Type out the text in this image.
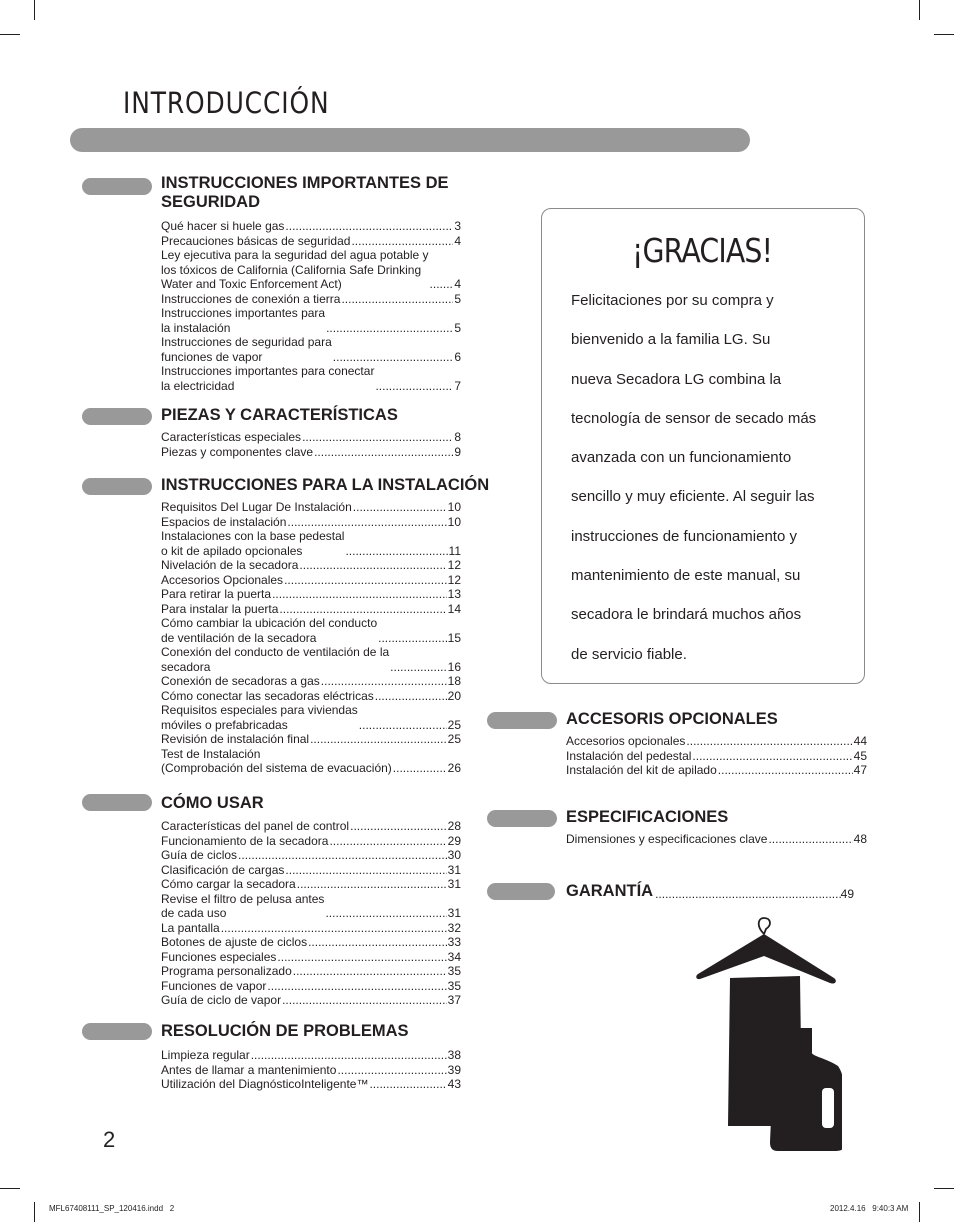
INTRODUCCIÓN
INSTRUCCIONES IMPORTANTES DE SEGURIDAD
Qué hacer si huele gas .....	3
Precauciones básicas de seguridad .....	4
Ley ejecutiva para la seguridad del agua potable y
los tóxicos de California (California Safe Drinking
Water and Toxic Enforcement Act) .....	4
Instrucciones de conexión a tierra .....	5
Instrucciones importantes para
la instalación .....	5
Instrucciones de seguridad para
funciones de vapor .....	6
Instrucciones importantes para conectar
la electricidad .....	7
PIEZAS Y CARACTERÍSTICAS
Características especiales .....	8
Piezas y componentes clave .....	9
INSTRUCCIONES PARA LA INSTALACIÓN
Requisitos Del Lugar De Instalación .....	10
Espacios de instalación .....	10
Instalaciones con la base pedestal
o kit de apilado opcionales .....	11
Nivelación de la secadora .....	12
Accesorios Opcionales .....	12
Para retirar la puerta .....	13
Para instalar la puerta .....	14
Cómo cambiar la ubicación del conducto
de ventilación de la secadora .....	15
Conexión del conducto de ventilación de la
secadora .....	16
Conexión de secadoras a gas .....	18
Cómo conectar las secadoras eléctricas .....	20
Requisitos especiales para viviendas
móviles o prefabricadas .....	25
Revisión de instalación final .....	25
Test de Instalación
(Comprobación del sistema de evacuación) .....	26
CÓMO USAR
Características del panel de control .....	28
Funcionamiento de la secadora .....	29
Guía de ciclos .....	30
Clasificación de cargas .....	31
Cómo cargar la secadora .....	31
Revise el filtro de pelusa antes
de cada uso .....	31
La pantalla .....	32
Botones de ajuste de ciclos .....	33
Funciones especiales .....	34
Programa personalizado .....	35
Funciones de vapor .....	35
Guía de ciclo de vapor .....	37
RESOLUCIÓN DE PROBLEMAS
Limpieza regular .....	38
Antes de llamar a mantenimiento .....	39
Utilización del DiagnósticoInteligente™ .....	43
¡GRACIAS!

Felicitaciones por su compra y
bienvenido a la familia LG. Su
nueva Secadora LG combina la
tecnología de sensor de secado más
avanzada con un funcionamiento
sencillo y muy eficiente. Al seguir las
instrucciones de funcionamiento y
mantenimiento de este manual, su
secadora le brindará muchos años
de servicio fiable.

ACCESORIS OPCIONALES
Accesorios opcionales .....	44
Instalación del pedestal .....	45
Instalación del kit de apilado .....	47
ESPECIFICACIONES
Dimensiones y especificaciones clave .....	48
GARANTÍA .....	49
2
MFL67408111_SP_120416.indd   2	2012.4.16   9:40:3 AM
